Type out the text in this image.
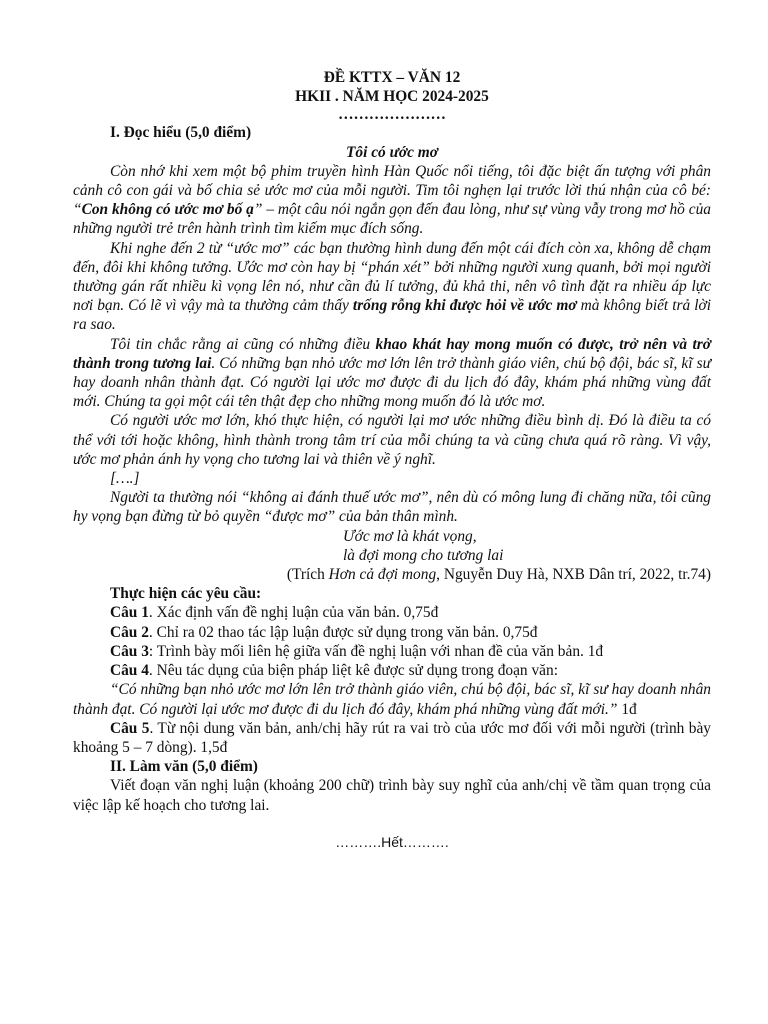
ĐỀ KTTX – VĂN 12
HKII . NĂM HỌC 2024-2025
…………………

I. Đọc hiểu (5,0 điểm)

Tôi có ước mơ

Còn nhớ khi xem một bộ phim truyền hình Hàn Quốc nổi tiếng, tôi đặc biệt ấn tượng với phân cảnh cô con gái và bố chia sẻ ước mơ của mỗi người. Tim tôi nghẹn lại trước lời thú nhận của cô bé: “Con không có ước mơ bố ạ” – một câu nói ngắn gọn đến đau lòng, như sự vùng vẫy trong mơ hồ của những người trẻ trên hành trình tìm kiếm mục đích sống.

Khi nghe đến 2 từ “ước mơ” các bạn thường hình dung đến một cái đích còn xa, không dễ chạm đến, đôi khi không tưởng. Ước mơ còn hay bị “phán xét” bởi những người xung quanh, bởi mọi người thường gán rất nhiều kì vọng lên nó, như cần đủ lí tưởng, đủ khả thi, nên vô tình đặt ra nhiều áp lực nơi bạn. Có lẽ vì vậy mà ta thường cảm thấy trống rỗng khi được hỏi về ước mơ mà không biết trả lời ra sao.

Tôi tin chắc rằng ai cũng có những điều khao khát hay mong muốn có được, trở nên và trở thành trong tương lai. Có những bạn nhỏ ước mơ lớn lên trở thành giáo viên, chú bộ đội, bác sĩ, kĩ sư hay doanh nhân thành đạt. Có người lại ước mơ được đi du lịch đó đây, khám phá những vùng đất mới. Chúng ta gọi một cái tên thật đẹp cho những mong muốn đó là ước mơ.

Có người ước mơ lớn, khó thực hiện, có người lại mơ ước những điều bình dị. Đó là điều ta có thể với tới hoặc không, hình thành trong tâm trí của mỗi chúng ta và cũng chưa quá rõ ràng. Vì vậy, ước mơ phản ánh hy vọng cho tương lai và thiên về ý nghĩ.

[….]

Người ta thường nói “không ai đánh thuế ước mơ”, nên dù có mông lung đi chăng nữa, tôi cũng hy vọng bạn đừng từ bỏ quyền “được mơ” của bản thân mình.

Ước mơ là khát vọng,

là đợi mong cho tương lai

(Trích Hơn cả đợi mong, Nguyễn Duy Hà, NXB Dân trí, 2022, tr.74)

Thực hiện các yêu cầu:

Câu 1. Xác định vấn đề nghị luận của văn bản. 0,75đ

Câu 2. Chỉ ra 02 thao tác lập luận được sử dụng trong văn bản. 0,75đ

Câu 3: Trình bày mối liên hệ giữa vấn đề nghị luận với nhan đề của văn bản. 1đ

Câu 4. Nêu tác dụng của biện pháp liệt kê được sử dụng trong đoạn văn:

“Có những bạn nhỏ ước mơ lớn lên trở thành giáo viên, chú bộ đội, bác sĩ, kĩ sư hay doanh nhân thành đạt. Có người lại ước mơ được đi du lịch đó đây, khám phá những vùng đất mới.” 1đ

Câu 5. Từ nội dung văn bản, anh/chị hãy rút ra vai trò của ước mơ đối với mỗi người (trình bày khoảng 5 – 7 dòng). 1,5đ

II. Làm văn (5,0 điểm)

Viết đoạn văn nghị luận (khoảng 200 chữ) trình bày suy nghĩ của anh/chị về tầm quan trọng của việc lập kế hoạch cho tương lai.

……….Hết……….
